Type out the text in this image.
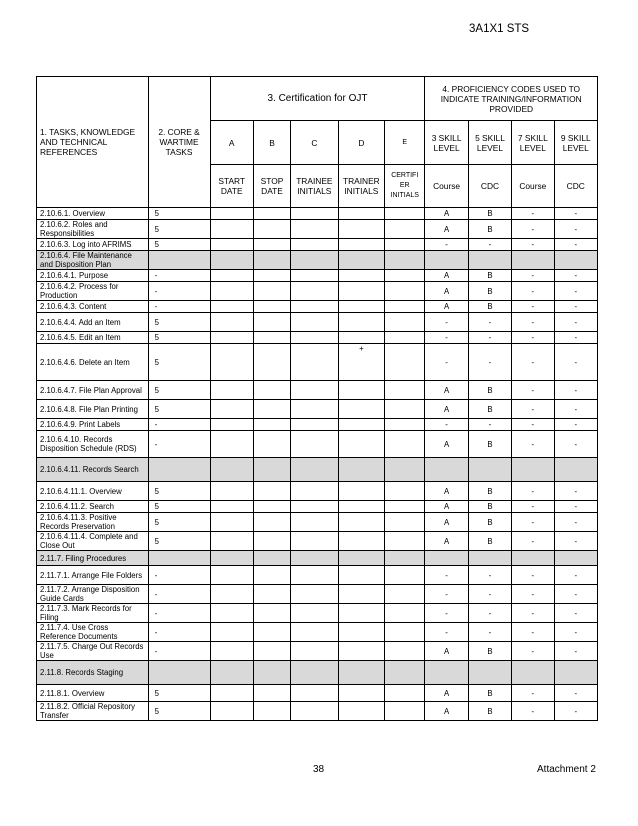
3A1X1 STS
1. TASKS, KNOWLEDGE AND TECHNICAL REFERENCES	2. CORE & WARTIME TASKS	3. Certification for OJT					4. PROFICIENCY CODES USED TO INDICATE TRAINING/INFORMATION PROVIDED			
		A	B	C	D	E	3 SKILL LEVEL	5 SKILL LEVEL	7 SKILL LEVEL	9 SKILL LEVEL
		START DATE	STOP DATE	TRAINEE INITIALS	TRAINER INITIALS	CERTIFI ER INITIALS	Course	CDC	Course	CDC
2.10.6.1. Overview	5						A	B	-	-
2.10.6.2. Roles and Responsibilities	5						A	B	-	-
2.10.6.3. Log into AFRIMS	5						-	-	-	-
2.10.6.4. File Maintenance and Disposition Plan										
2.10.6.4.1. Purpose	-						A	B	-	-
2.10.6.4.2. Process for Production	-						A	B	-	-
2.10.6.4.3. Content	-						A	B	-	-
2.10.6.4.4. Add an Item	5						-	-	-	-
2.10.6.4.5. Edit an Item	5						-	-	-	-
2.10.6.4.6. Delete an Item	5				+		-	-	-	-
2.10.6.4.7. File Plan Approval	5						A	B	-	-
2.10.6.4.8. File Plan Printing	5						A	B	-	-
2.10.6.4.9. Print Labels	-						-	-	-	-
2.10.6.4.10. Records Disposition Schedule (RDS)	-						A	B	-	-
2.10.6.4.11. Records Search										
2.10.6.4.11.1. Overview	5						A	B	-	-
2.10.6.4.11.2. Search	5						A	B	-	-
2.10.6.4.11.3. Positive Records Preservation	5						A	B	-	-
2.10.6.4.11.4. Complete and Close Out	5						A	B	-	-
2.11.7. Filing Procedures										
2.11.7.1. Arrange File Folders	-						-	-	-	-
2.11.7.2. Arrange Disposition Guide Cards	-						-	-	-	-
2.11.7.3. Mark Records for Filing	-						-	-	-	-
2.11.7.4. Use Cross Reference Documents	-						-	-	-	-
2.11.7.5. Charge Out Records Use	-						A	B	-	-
2.11.8. Records Staging										
2.11.8.1. Overview	5						A	B	-	-
2.11.8.2. Official Repository Transfer	5						A	B	-	-
38	Attachment 2
